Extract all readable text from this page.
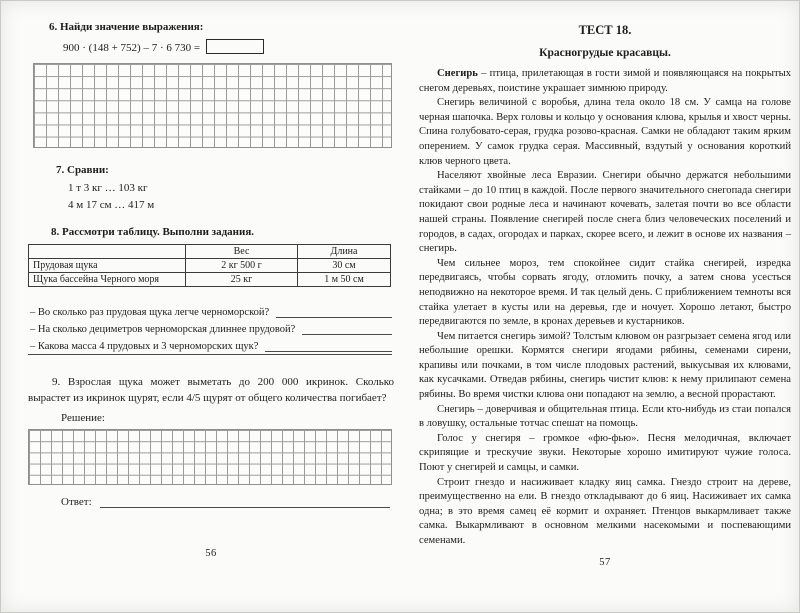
6. Найди значение выражения:
900 · (148 + 752) – 7 · 6 730 =
7. Сравни:
1 т 3 кг … 103 кг
4 м 17 см … 417 м
8. Рассмотри таблицу. Выполни задания.
	Вес	Длина
Прудовая щука	2 кг 500 г	30 см
Щука бассейна Черного моря	25 кг	1 м 50 см
– Во сколько раз прудовая щука легче черноморской?
– На сколько дециметров черноморская длиннее прудовой?
– Какова масса 4 прудовых и 3 черноморских щук?
9. Взрослая щука может выметать до 200 000 икринок. Сколько вырастет из икринок щурят, если 4/5 щурят от общего количества погибает?
Решение:
Ответ:
56
ТЕСТ 18.
Красногрудые красавцы.

Снегирь – птица, прилетающая в гости зимой и появляющаяся на покрытых снегом деревьях, поистине украшает зимнюю природу.

Снегирь величиной с воробья, длина тела около 18 см. У самца на голове черная шапочка. Верх головы и кольцо у основания клюва, крылья и хвост черны. Спина голубовато-серая, грудка розово-красная. Самки не обладают таким ярким оперением. У самок грудка серая. Массивный, вздутый у основания короткий клюв черного цвета.

Населяют хвойные леса Евразии. Снегири обычно держатся небольшими стайками – до 10 птиц в каждой. После первого значительного снегопада снегири покидают свои родные леса и начинают кочевать, залетая почти во все области нашей страны. Появление снегирей после снега близ человеческих поселений и городов, в садах, огородах и парках, скорее всего, и лежит в основе их названия – снегирь.

Чем сильнее мороз, тем спокойнее сидит стайка снегирей, изредка передвигаясь, чтобы сорвать ягоду, отломить почку, а затем снова усесться неподвижно на некоторое время. И так целый день. С приближением темноты вся стайка улетает в кусты или на деревья, где и ночует. Хорошо летают, быстро передвигаются по земле, в кронах деревьев и кустарников.

Чем питается снегирь зимой? Толстым клювом он разгрызает семена ягод или небольшие орешки. Кормятся снегири ягодами рябины, семенами сирени, крапивы или почками, в том числе плодовых растений, выкусывая их клювами, как кусачками. Отведав рябины, снегирь чистит клюв: к нему прилипают семена рябины. Во время чистки клюва они попадают на землю, а весной прорастают.

Снегирь – доверчивая и общительная птица. Если кто-нибудь из стаи попался в ловушку, остальные тотчас спешат на помощь.

Голос у снегиря – громкое «фю-фью». Песня мелодичная, включает скрипящие и трескучие звуки. Некоторые хорошо имитируют чужие голоса. Поют у снегирей и самцы, и самки.

Строит гнездо и насиживает кладку яиц самка. Гнездо строит на дереве, преимущественно на ели. В гнездо откладывают до 6 яиц. Насиживает их самка одна; в это время самец её кормит и охраняет. Птенцов выкармливает также самка. Выкармливают в основном мелкими насекомыми и поспевающими семенами.

57
